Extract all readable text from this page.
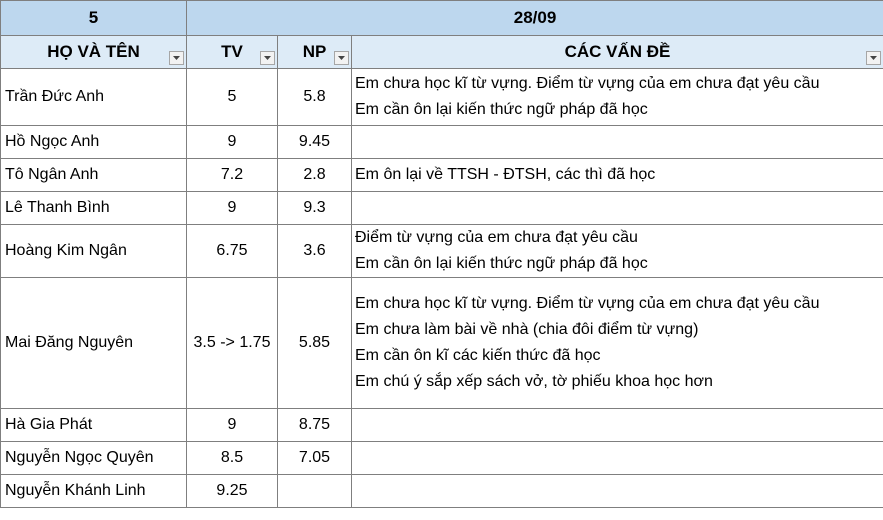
5	28/09		
HỌ VÀ TÊN	TV	NP	CÁC VẤN ĐỀ

Trần Đức Anh	5	5.8	Em chưa học kĩ từ vựng. Điểm từ vựng của em chưa đạt yêu cầu
Em cần ôn lại kiến thức ngữ pháp đã học

Hồ Ngọc Anh	9	9.45	
Tô Ngân Anh	7.2	2.8	Em ôn lại về TTSH - ĐTSH, các thì đã học

Lê Thanh Bình	9	9.3	
Hoàng Kim Ngân	6.75	3.6	Điểm từ vựng của em chưa đạt yêu cầu
Em cần ôn lại kiến thức ngữ pháp đã học

Mai Đăng Nguyên	3.5 -> 1.75	5.85	Em chưa học kĩ từ vựng. Điểm từ vựng của em chưa đạt yêu cầu
Em chưa làm bài về nhà (chia đôi điểm từ vựng)
Em cần ôn kĩ các kiến thức đã học
Em chú ý sắp xếp sách vở, tờ phiếu khoa học hơn

Hà Gia Phát	9	8.75	
Nguyễn Ngọc Quyên	8.5	7.05	
Nguyễn Khánh Linh	9.25		
